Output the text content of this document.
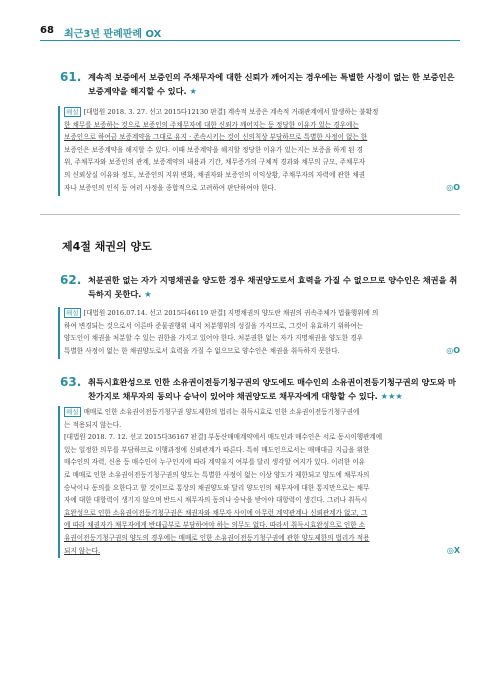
68 최근3년 판례판례 OX
61. 계속적 보증에서 보증인의 주채무자에 대한 신뢰가 깨어지는 경우에는 특별한 사정이 없는 한 보증인은 보증계약을 해지할 수 있다. ★
해설 [대법원 2018. 3. 27. 선고 2015다12130 판결] 계속적 보증은 계속적 거래관계에서 발생하는 불확정
한 채무를 보증하는 것으로 보증인의 주채무자에 대한 신뢰가 깨어지는 등 정당한 이유가 있는 경우에는
보증인으로 하여금 보증계약을 그대로 유지 · 존속시키는 것이 신의칙상 부당하므로 특별한 사정이 없는 한
보증인은 보증계약을 해지할 수 있다. 이때 보증계약을 해지할 정당한 이유가 있는지는 보증을 하게 된 경
위, 주채무자와 보증인의 관계, 보증계약의 내용과 기간, 채무증가의 구체적 경과와 채무의 규모, 주채무자
의 신뢰상실 이유와 정도, 보증인의 지위 변화, 채권자와 보증인의 이익상황, 주채무자의 자력에 관한 채권
자나 보증인의 인식 등 여러 사정을 종합적으로 고려하여 판단하여야 한다.	◎O
제4절 채권의 양도
62. 처분권한 없는 자가 지명채권을 양도한 경우 채권양도로서 효력을 가질 수 없으므로 양수인은 채권을 취득하지 못한다. ★
해설 [대법원 2016.07.14. 선고 2015다46119 판결] 지명채권의 양도란 채권의 귀속주체가 법률행위에 의
하여 변경되는 것으로서 이른바 준물권행위 내지 처분행위의 성질을 가지므로, 그것이 유효하기 위하여는
양도인이 채권을 처분할 수 있는 권한을 가지고 있어야 한다. 처분권한 없는 자가 지명채권을 양도한 경우
특별한 사정이 없는 한 채권양도로서 효력을 가질 수 없으므로 양수인은 채권을 취득하지 못한다.	◎O
63. 취득시효완성으로 인한 소유권이전등기청구권의 양도에도 매수인의 소유권이전등기청구권의 양도와 마찬가지로 채무자의 동의나 승낙이 있어야 채권양도로 채무자에게 대항할 수 있다. ★★★
해설 매매로 인한 소유권이전등기청구권 양도제한의 법리는 취득시효로 인한 소유권이전등기청구권에
는 적용되지 않는다.
[대법원 2018. 7. 12. 선고 2015다36167 판결] 부동산매매계약에서 매도인과 매수인은 서로 동시이행관계에
있는 일정한 의무를 부담하므로 이행과정에 신뢰관계가 따른다. 특히 매도인으로서는 매매대금 지급을 위한
매수인의 자력, 신용 등 매수인이 누구인지에 따라 계약유지 여부를 달리 생각할 여지가 있다. 이러한 이유
로 매매로 인한 소유권이전등기청구권의 양도는 특별한 사정이 없는 이상 양도가 제한되고 양도에 채무자의
승낙이나 동의를 요한다고 할 것이므로 통상의 채권양도와 달리 양도인의 채무자에 대한 통지만으로는 채무
자에 대한 대항력이 생기지 않으며 반드시 채무자의 동의나 승낙을 받아야 대항력이 생긴다. 그러나 취득시
효완성으로 인한 소유권이전등기청구권은 채권자와 채무자 사이에 아무런 계약관계나 신뢰관계가 없고, 그
에 따라 채권자가 채무자에게 반대급부로 부담하여야 하는 의무도 없다. 따라서 취득시효완성으로 인한 소
유권이전등기청구권의 양도의 경우에는 매매로 인한 소유권이전등기청구권에 관한 양도제한의 법리가 적용
되지 않는다.	◎X
